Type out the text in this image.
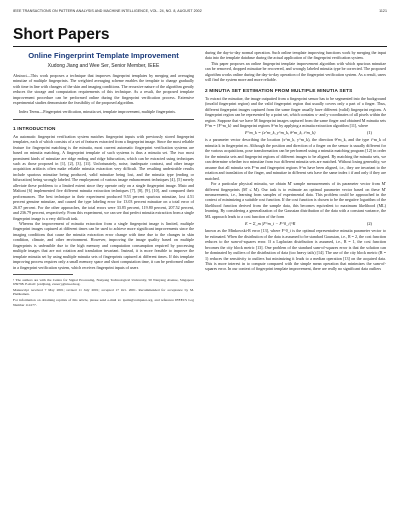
IEEE TRANSACTIONS ON PATTERN ANALYSIS AND MACHINE INTELLIGENCE, VOL. 24, NO. 8, AUGUST 2002	1121
Short Papers
Online Fingerprint Template Improvement
Xudong Jiang and Wee Ser, Senior Member, IEEE

Abstract—This work proposes a technique that improves fingerprint templates by merging and averaging minutiae of multiple fingerprints. The weighted averaging scheme enables the template to change gradually with time in line with changes of the skin and imaging conditions. The recursive nature of the algorithm greatly reduces the storage and computation requirements of this technique. As a result, the proposed template improvement procedure can be performed online during the fingerprint verification process. Extensive experimental studies demonstrate the feasibility of the proposed algorithm.

Index Terms—Fingerprint verification, minutia set, template improvement, multiple fingerprints.

1 INTRODUCTION

An automatic fingerprint verification system matches fingerprint inputs with previously stored fingerprint templates, each of which consists of a set of features extracted from a fingerprint image. Since the most reliable feature for fingerprint matching is the minutia, most current automatic fingerprint verification systems are based on minutia matching. A fingerprint template of such systems is thus a minutia set. The two most prominent kinds of minutiae are ridge ending and ridge bifurcation, which can be extracted using techniques such as those proposed in [1], [2], [3], [11]. Unfortunately, noise, inadequate contrast, and other image acquisition artifacts often make reliable minutia extraction very difficult. The resulting undesirable results include spurious minutiae being produced, valid minutiae being lost, and the minutia type (ending or bifurcation) being wrongly labeled. The employment of various image enhancement techniques [4], [5] merely alleviate these problems to a limited extent since they operate only on a single fingerprint image. Maio and Maltoni [6] implemented five different minutia extraction techniques [7], [8], [9], [10], and compared their performances. The best technique in their experiment produced 9.53 percent spurious minutiae, lost 4.51 percent genuine minutiae, and caused the type labeling error for 13.03 percent minutiae on a total error of 26.07 percent. For the other approaches, the total errors were 33.85 percent, 119.80 percent, 207.52 percent, and 236.79 percent, respectively. From this experiment, we can see that perfect minutia extraction from a single fingerprint image is a very difficult task.

Whereas the improvement of minutia extraction from a single fingerprint image is limited, multiple fingerprint images captured at different times can be used to achieve more significant improvements since the imaging conditions that cause the minutia extraction error change with time due to the changes in skin condition, climate, and other environment. However, improving the image quality based on multiple fingerprints is unfeasible due to the high memory and computation consumption required by processing multiple images that are not rotation and translation invariant. Instead, it is more feasible to improve the template minutia set by using multiple minutia sets of fingerprints captured at different times. If this template improving process requires only a small memory space and short computation time, it can be performed online in a fingerprint verification system, which receives fingerprint inputs of users

• The authors are with the Centre for Signal Processing, Nanyang Technological University, 50 Nanyang Avenue, Singapore 639798. E-mail: {exdjiang, ewser}@ntu.edu.sg.

Manuscript received 7 May 2001; revised 11 July 2001; accepted 17 Oct. 2001. Recommended for acceptance by M. Pietikainen.

For information on obtaining reprints of this article, please send e-mail to: tpami@computer.org, and reference IEEECS Log Number 114177.

during the day-to-day normal operation. Such online template improving functions work by merging the input data into the template database during the actual application of the fingerprint verification system.

This paper proposes an online fingerprint template improvement algorithm with which spurious minutiae can be removed, dropped minutiae be recovered, and wrongly labeled minutia type be corrected. The proposed algorithm works online during the day-to-day operation of the fingerprint verification system. As a result, users will find the system more and more reliable.

2 MINUTIA SET ESTIMATION FROM MULTIPLE MINUTIA SETS

To extract the minutiae, the image outputted from a fingerprint sensor has to be segmented into the background (invalid fingerprint region) and the valid fingerprint region that usually covers only a part of a finger. Thus, different fingerprint images captured from the same finger usually have different (valid) fingerprint regions. A fingerprint region can be represented by a point set, which contains x- and y-coordinates of all pixels within the region. Suppose that we have M fingerprint images captured from the same finger and obtained M minutia sets F^m = {F^m_k} and fingerprint regions S^m by applying a minutia extraction algorithm [11], where

F^m_k = (x^m_k, y^m_k, θ^m_k, t^m_k)	(1)

is a parameter vector describing the location (x^m_k, y^m_k), the direction θ^m_k, and the type t^m_k of minutia k in fingerprint m. Although the position and direction of a finger on the sensor is usually different for the various acquisitions, pose transformation can be performed using a minutia matching program [12] in order for the minutia sets and fingerprint regions of different images to be aligned. By matching the minutia sets, we can determine whether two minutiae from two different minutia sets are matched. Without losing generality, we assume that all minutia sets F^m and fingerprint regions S^m have been aligned, i.e., they are invariant to the rotation and translation of the finger, and minutiae in different sets have the same index i if and only if they are matched.

For a particular physical minutia, we obtain M' sample measurements of its parameter vector from M' different fingerprints (M' ≤ M). Our task is to estimate an optimal parameter vector based on these M' measurements, i.e., learning from samples of experimental data. This problem could be approached in the context of minimizing a suitable cost function. If the cost function is chosen to be the negative logarithm of the likelihood function derived from the sample data, this becomes equivalent to maximum likelihood (ML) learning. By considering a generalization of the Gaussian distribution of the data with a constant variance, the ML approach leads to a cost function of the form

E = Σ_m |F^m_i − F^0_i|^R	(2)

known as the Minkowski-R error [13], where F^0_i is the optimal representative minutia parameter vector to be estimated. When the distribution of the data is assumed to be standard Gaussian, i.e., R = 2, the cost function reduces to the sum-of-squares error. If a Laplacian distribution is assumed, i.e., R = 1, the cost function becomes the city block metric [13]. One problem of the standard sum-of-squares error is that the solution can be dominated by outliers of the distribution of data (too heavy tails) [14]. The use of the city block metric (R = 1) reduces the sensitivity to outliers but minimizing it leads to a median operation [13] on the acquired data. This is more interest in to compute compared with the simple mean operation that minimizes the sum-of-squares error. In our context of fingerprint template improvement, there are really no significant data outliers
